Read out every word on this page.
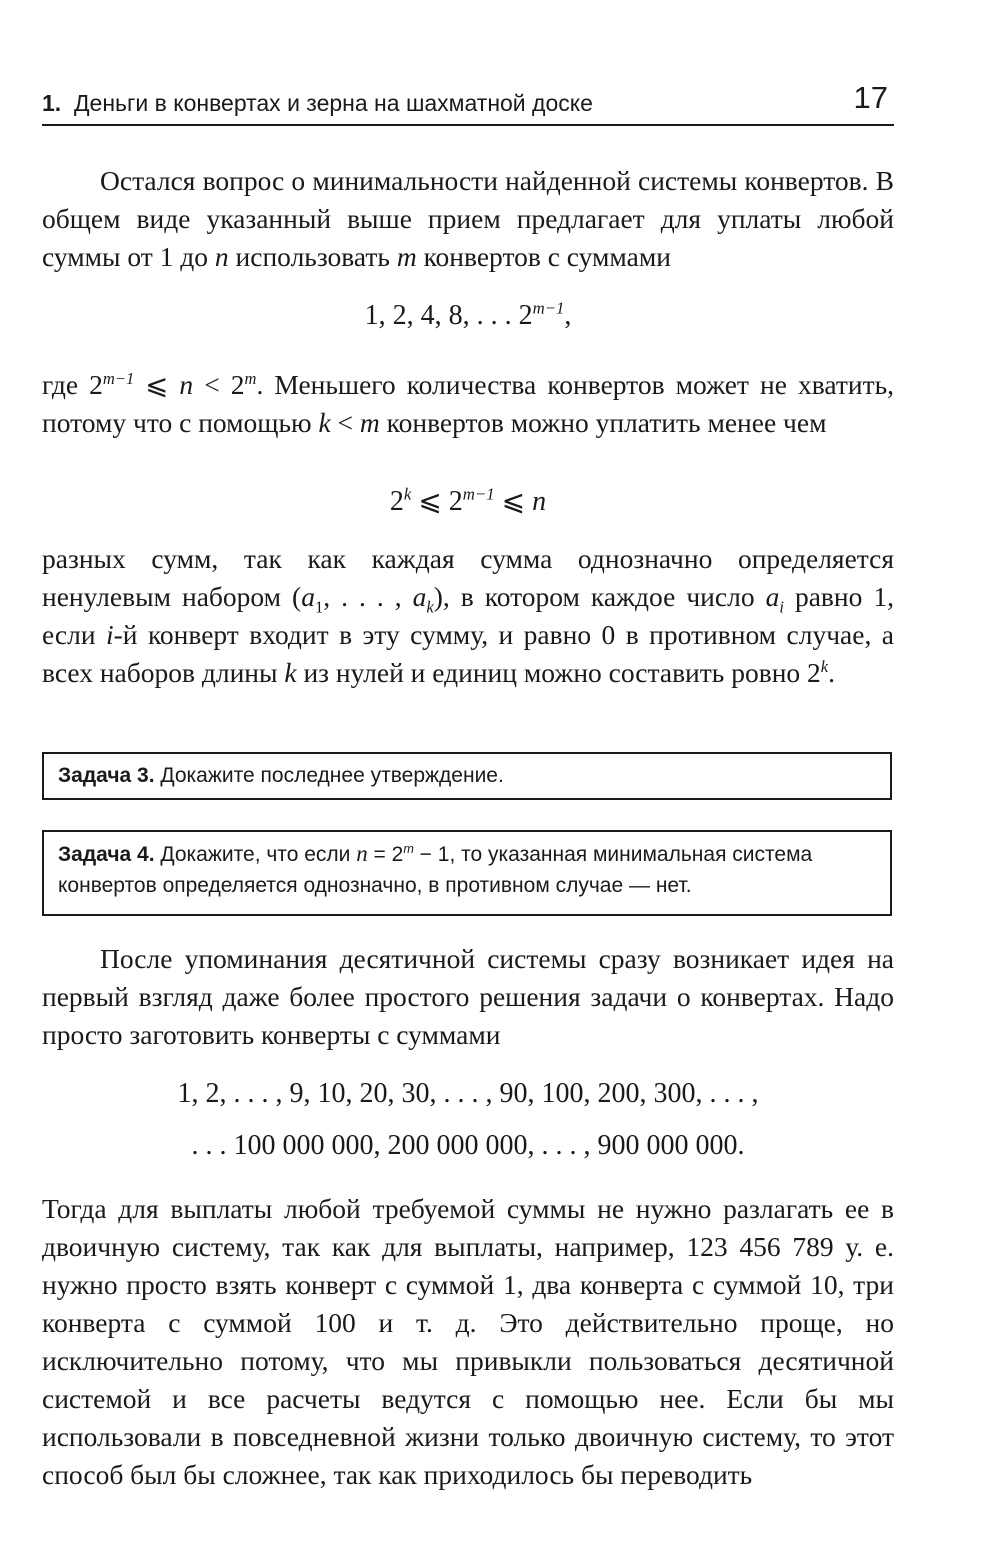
1. Деньги в конвертах и зерна на шахматной доске	17

Остался вопрос о минимальности найденной системы конвертов. В общем виде указанный выше прием предлагает для уплаты любой суммы от 1 до n использовать m конвертов с суммами

1, 2, 4, 8, . . . $2^{m-1}$,

где $2^{m-1}$ ⩽ $n < 2^m$. Меньшего количества конвертов может не хватить, потому что с помощью k < m конвертов можно уплатить менее чем

2$^k$ ⩽ $2^{m-1}$ ⩽ n

разных сумм, так как каждая сумма однозначно определяется ненулевым набором ($a_1$, . . . , $a_k$), в котором каждое число $a_i$ равно 1, если i-й конверт входит в эту сумму, и равно 0 в противном случае, а всех наборов длины k из нулей и единиц можно составить ровно 2$^k$.

Задача 3. Докажите последнее утверждение.
Задача 4. Докажите, что если $n = 2^m - 1$, то указанная минимальная система конвертов определяется однозначно, в противном случае — нет.

После упоминания десятичной системы сразу возникает идея на первый взгляд даже более простого решения задачи о конвертах. Надо просто заготовить конверты с суммами

1, 2, . . . , 9, 10, 20, 30, . . . , 90, 100, 200, 300, . . . ,
. . . 100 000 000, 200 000 000, . . . , 900 000 000.

Тогда для выплаты любой требуемой суммы не нужно разлагать ее в двоичную систему, так как для выплаты, например, 123 456 789 у. е. нужно просто взять конверт с суммой 1, два конверта с суммой 10, три конверта с суммой 100 и т. д. Это действительно проще, но исключительно потому, что мы привыкли пользоваться десятичной системой и все расчеты ведутся с помощью нее. Если бы мы использовали в повседневной жизни только двоичную систему, то этот способ был бы сложнее, так как приходилось бы переводить
